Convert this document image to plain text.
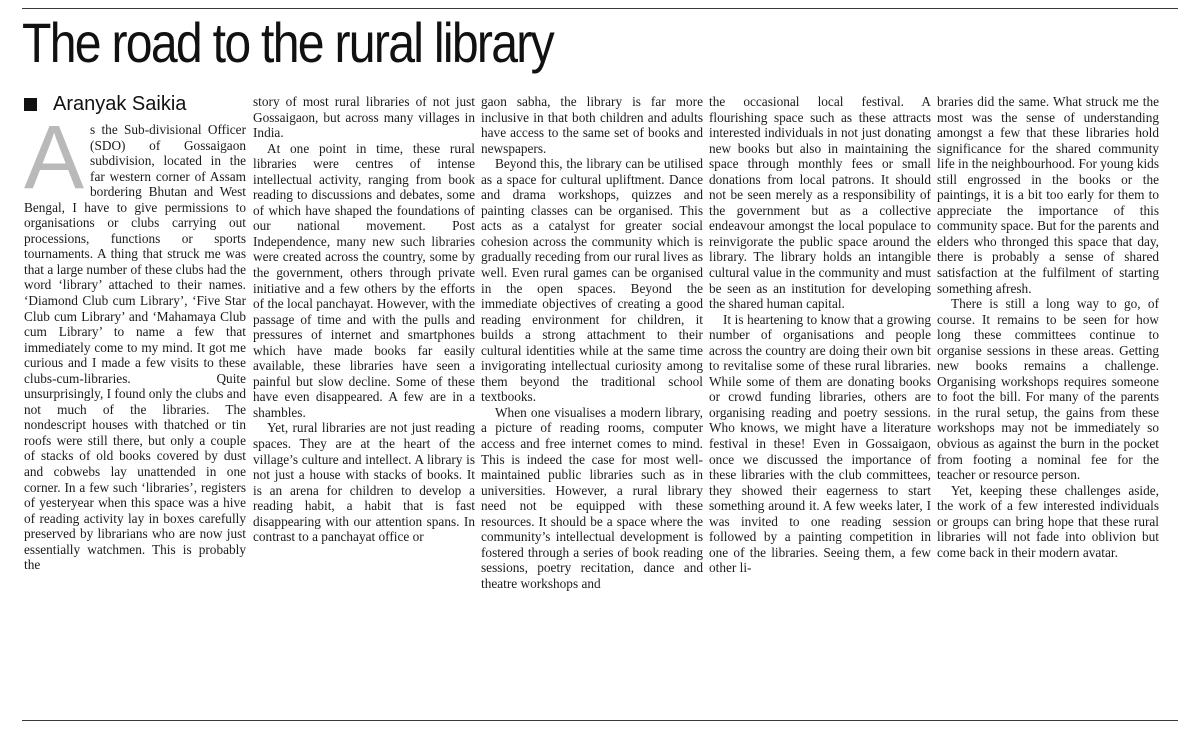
The road to the rural library
Aranyak Saikia

As the Sub-divisional Officer (SDO) of Gossaigaon subdivision, located in the far western corner of Assam bordering Bhutan and West Bengal, I have to give permissions to organisations or clubs carrying out processions, functions or sports tournaments. A thing that struck me was that a large number of these clubs had the word ‘library’ attached to their names. ‘Diamond Club cum Library’, ‘Five Star Club cum Library’ and ‘Mahamaya Club cum Library’ to name a few that immediately come to my mind. It got me curious and I made a few visits to these clubs-cum-libraries. Quite unsurprisingly, I found only the clubs and not much of the libraries. The nondescript houses with thatched or tin roofs were still there, but only a couple of stacks of old books covered by dust and cobwebs lay unattended in one corner. In a few such ‘libraries’, registers of yesteryear when this space was a hive of reading activity lay in boxes carefully preserved by librarians who are now just essentially watchmen. This is probably the

story of most rural libraries of not just Gossaigaon, but across many villages in India.

At one point in time, these rural libraries were centres of intense intellectual activity, ranging from book reading to discussions and debates, some of which have shaped the foundations of our national movement. Post Independence, many new such libraries were created across the country, some by the government, others through private initiative and a few others by the efforts of the local panchayat. However, with the passage of time and with the pulls and pressures of internet and smartphones which have made books far easily available, these libraries have seen a painful but slow decline. Some of these have even disappeared. A few are in a shambles.

Yet, rural libraries are not just reading spaces. They are at the heart of the village’s culture and intellect. A library is not just a house with stacks of books. It is an arena for children to develop a reading habit, a habit that is fast disappearing with our attention spans. In contrast to a panchayat office or

gaon sabha, the library is far more inclusive in that both children and adults have access to the same set of books and newspapers.

Beyond this, the library can be utilised as a space for cultural upliftment. Dance and drama workshops, quizzes and painting classes can be organised. This acts as a catalyst for greater social cohesion across the community which is gradually receding from our rural lives as well. Even rural games can be organised in the open spaces. Beyond the immediate objectives of creating a good reading environment for children, it builds a strong attachment to their cultural identities while at the same time invigorating intellectual curiosity among them beyond the traditional school textbooks.

When one visualises a modern library, a picture of reading rooms, computer access and free internet comes to mind. This is indeed the case for most well-maintained public libraries such as in universities. However, a rural library need not be equipped with these resources. It should be a space where the community’s intellectual development is fostered through a series of book reading sessions, poetry recitation, dance and theatre workshops and

the occasional local festival. A flourishing space such as these attracts interested individuals in not just donating new books but also in maintaining the space through monthly fees or small donations from local patrons. It should not be seen merely as a responsibility of the government but as a collective endeavour amongst the local populace to reinvigorate the public space around the library. The library holds an intangible cultural value in the community and must be seen as an institution for developing the shared human capital.

It is heartening to know that a growing number of organisations and people across the country are doing their own bit to revitalise some of these rural libraries. While some of them are donating books or crowd funding libraries, others are organising reading and poetry sessions. Who knows, we might have a literature festival in these! Even in Gossaigaon, once we discussed the importance of these libraries with the club committees, they showed their eagerness to start something around it. A few weeks later, I was invited to one reading session followed by a painting competition in one of the libraries. Seeing them, a few other li-

braries did the same. What struck me the most was the sense of understanding amongst a few that these libraries hold significance for the shared community life in the neighbourhood. For young kids still engrossed in the books or the paintings, it is a bit too early for them to appreciate the importance of this community space. But for the parents and elders who thronged this space that day, there is probably a sense of shared satisfaction at the fulfilment of starting something afresh.

There is still a long way to go, of course. It remains to be seen for how long these committees continue to organise sessions in these areas. Getting new books remains a challenge. Organising workshops requires someone to foot the bill. For many of the parents in the rural setup, the gains from these workshops may not be immediately so obvious as against the burn in the pocket from footing a nominal fee for the teacher or resource person.

Yet, keeping these challenges aside, the work of a few interested individuals or groups can bring hope that these rural libraries will not fade into oblivion but come back in their modern avatar.
